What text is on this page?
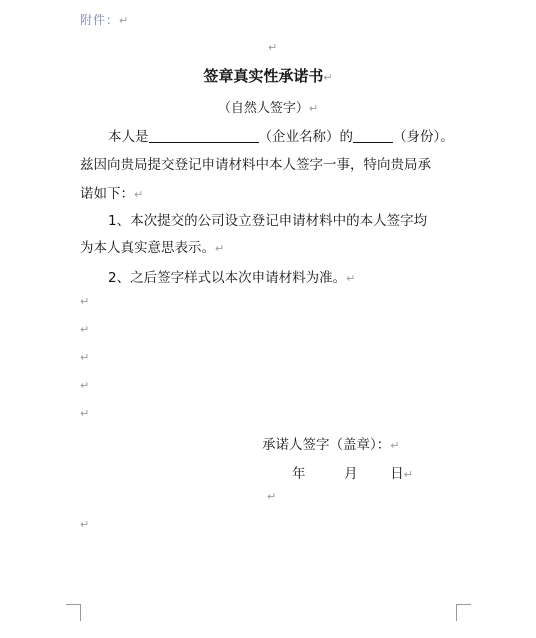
附件：↵
↵
签章真实性承诺书↵
（自然人签字）↵
本人是	（企业名称）的	（身份）。
兹因向贵局提交登记申请材料中本人签字一事，特向贵局承
诺如下：↵
1、本次提交的公司设立登记申请材料中的本人签字均
为本人真实意思表示。↵
2、之后签字样式以本次申请材料为准。↵
↵
↵
↵
↵
↵
承诺人签字（盖章）：↵
年	月 日↵
↵
↵
